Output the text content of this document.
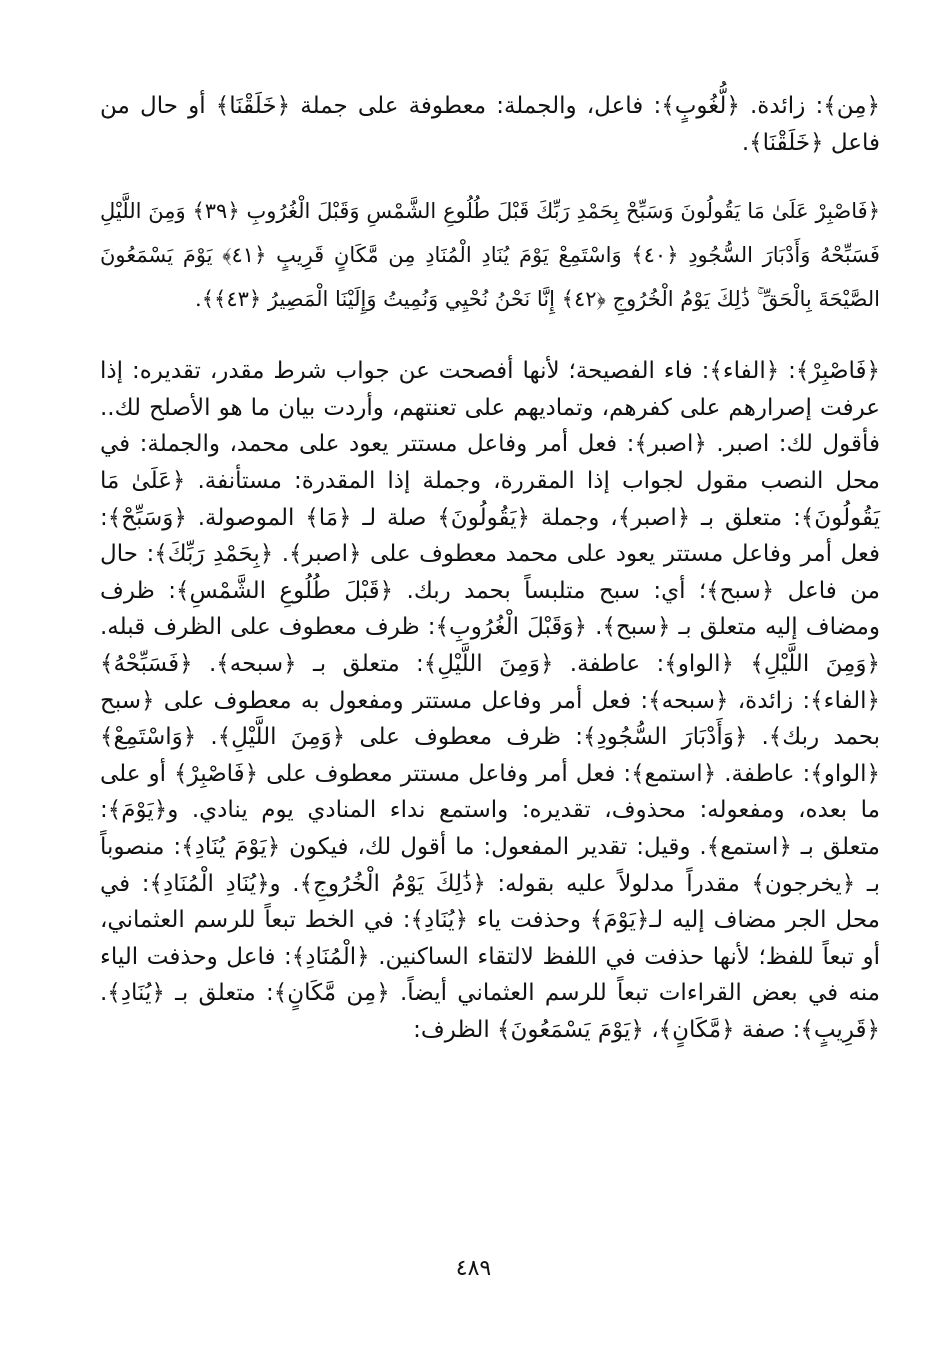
﴿مِن﴾: زائدة. ﴿لُّغُوبٍ﴾: فاعل، والجملة: معطوفة على جملة ﴿خَلَقْنَا﴾ أو حال من فاعل ﴿خَلَقْنَا﴾.

﴿فَاصْبِرْ عَلَىٰ مَا يَقُولُونَ وَسَبِّحْ بِحَمْدِ رَبِّكَ قَبْلَ طُلُوعِ الشَّمْسِ وَقَبْلَ الْغُرُوبِ ﴿٣٩﴾ وَمِنَ اللَّيْلِ فَسَبِّحْهُ وَأَدْبَارَ السُّجُودِ ﴿٤٠﴾ وَاسْتَمِعْ يَوْمَ يُنَادِ الْمُنَادِ مِن مَّكَانٍ قَرِيبٍ ﴿٤١﴾ يَوْمَ يَسْمَعُونَ الصَّيْحَةَ بِالْحَقِّ ۚ ذَٰلِكَ يَوْمُ الْخُرُوجِ ﴿٤٢﴾ إِنَّا نَحْنُ نُحْيِي وَنُمِيتُ وَإِلَيْنَا الْمَصِيرُ ﴿٤٣﴾﴾.

﴿فَاصْبِرْ﴾: ﴿الفاء﴾: فاء الفصيحة؛ لأنها أفصحت عن جواب شرط مقدر، تقديره: إذا عرفت إصرارهم على كفرهم، وتماديهم على تعنتهم، وأردت بيان ما هو الأصلح لك.. فأقول لك: اصبر. ﴿اصبر﴾: فعل أمر وفاعل مستتر يعود على محمد، والجملة: في محل النصب مقول لجواب إذا المقررة، وجملة إذا المقدرة: مستأنفة. ﴿عَلَىٰ مَا يَقُولُونَ﴾: متعلق بـ ﴿اصبر﴾، وجملة ﴿يَقُولُونَ﴾ صلة لـ ﴿مَا﴾ الموصولة. ﴿وَسَبِّحْ﴾: فعل أمر وفاعل مستتر يعود على محمد معطوف على ﴿اصبر﴾. ﴿بِحَمْدِ رَبِّكَ﴾: حال من فاعل ﴿سبح﴾؛ أي: سبح متلبساً بحمد ربك. ﴿قَبْلَ طُلُوعِ الشَّمْسِ﴾: ظرف ومضاف إليه متعلق بـ ﴿سبح﴾. ﴿وَقَبْلَ الْغُرُوبِ﴾: ظرف معطوف على الظرف قبله. ﴿وَمِنَ اللَّيْلِ﴾ ﴿الواو﴾: عاطفة. ﴿وَمِنَ اللَّيْلِ﴾: متعلق بـ ﴿سبحه﴾. ﴿فَسَبِّحْهُ﴾ ﴿الفاء﴾: زائدة، ﴿سبحه﴾: فعل أمر وفاعل مستتر ومفعول به معطوف على ﴿سبح بحمد ربك﴾. ﴿وَأَدْبَارَ السُّجُودِ﴾: ظرف معطوف على ﴿وَمِنَ اللَّيْلِ﴾. ﴿وَاسْتَمِعْ﴾ ﴿الواو﴾: عاطفة. ﴿استمع﴾: فعل أمر وفاعل مستتر معطوف على ﴿فَاصْبِرْ﴾ أو على ما بعده، ومفعوله: محذوف، تقديره: واستمع نداء المنادي يوم ينادي. و﴿يَوْمَ﴾: متعلق بـ ﴿استمع﴾. وقيل: تقدير المفعول: ما أقول لك، فيكون ﴿يَوْمَ يُنَادِ﴾: منصوباً بـ ﴿يخرجون﴾ مقدراً مدلولاً عليه بقوله: ﴿ذَٰلِكَ يَوْمُ الْخُرُوجِ﴾. و﴿يُنَادِ الْمُنَادِ﴾: في محل الجر مضاف إليه لـ﴿يَوْمَ﴾ وحذفت ياء ﴿يُنَادِ﴾: في الخط تبعاً للرسم العثماني، أو تبعاً للفظ؛ لأنها حذفت في اللفظ لالتقاء الساكنين. ﴿الْمُنَادِ﴾: فاعل وحذفت الياء منه في بعض القراءات تبعاً للرسم العثماني أيضاً. ﴿مِن مَّكَانٍ﴾: متعلق بـ ﴿يُنَادِ﴾. ﴿قَرِيبٍ﴾: صفة ﴿مَّكَانٍ﴾، ﴿يَوْمَ يَسْمَعُونَ﴾ الظرف:

٤٨٩
